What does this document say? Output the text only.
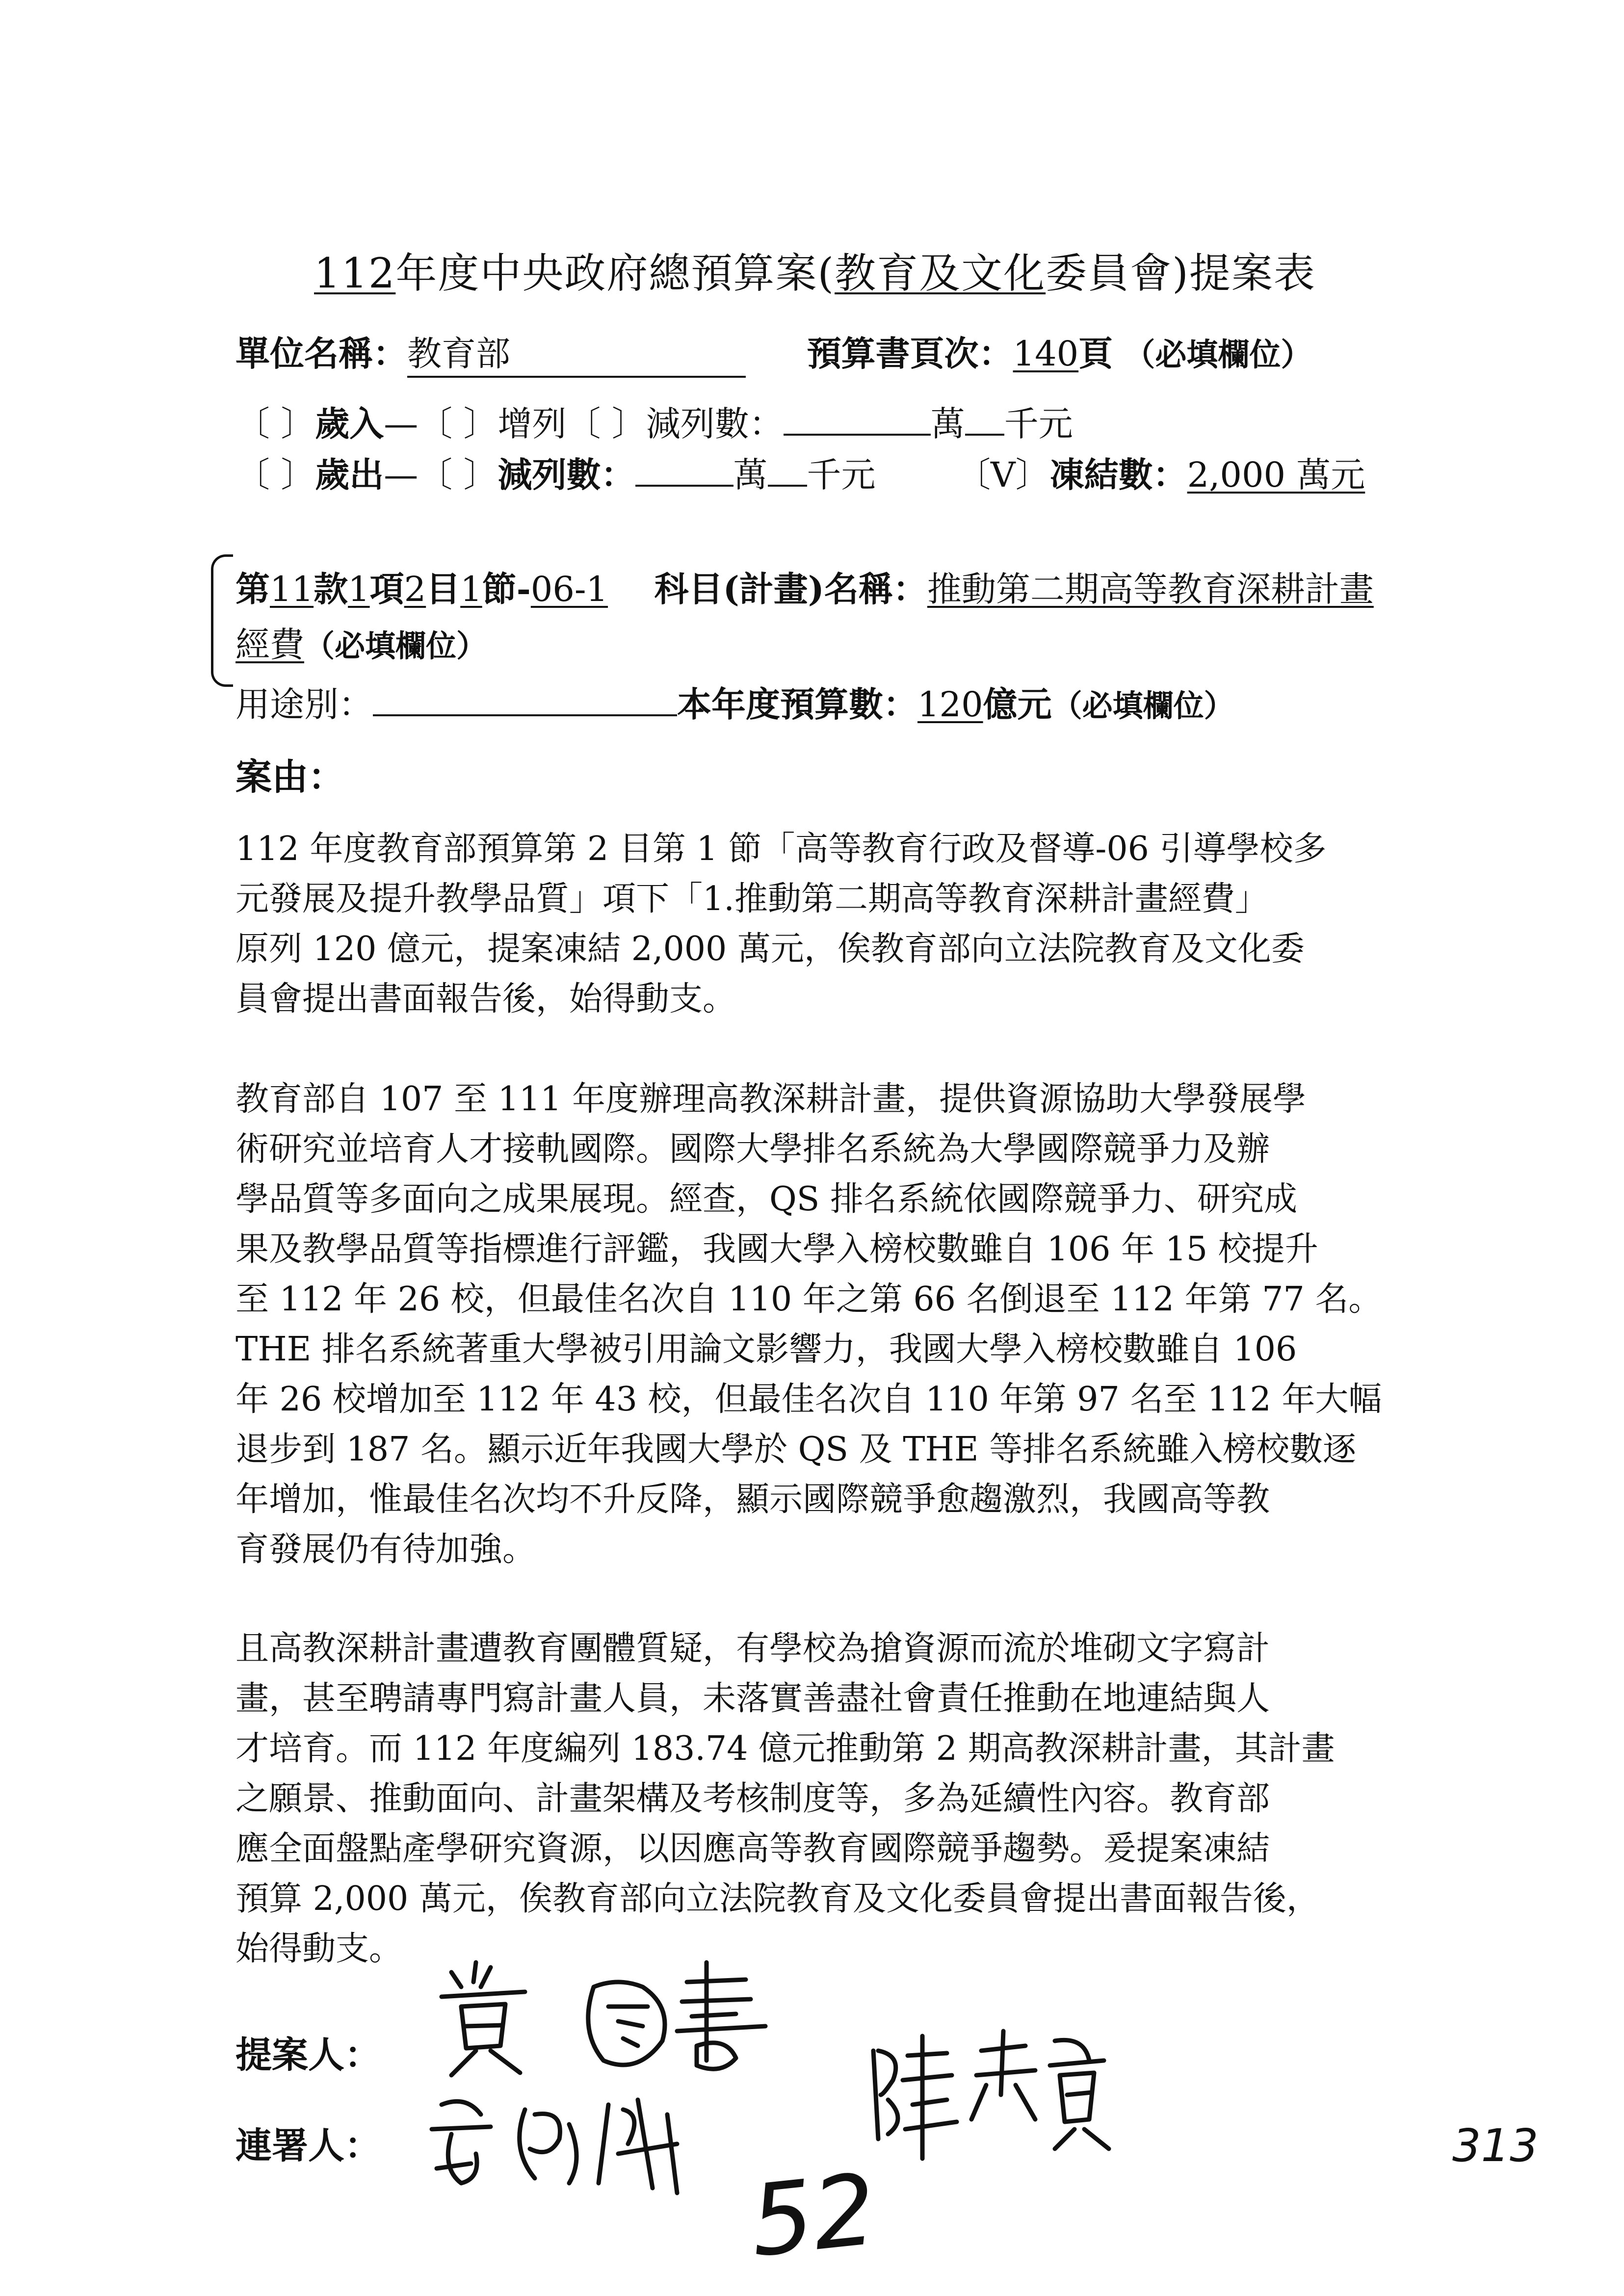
112年度中央政府總預算案(教育及文化委員會)提案表
單位名稱：教育部	預算書頁次：140頁 （必填欄位）
〔 〕歲入—〔 〕增列〔 〕減列數：	萬 千元
〔 〕歲出—〔 〕減列數：	萬 千元 〔V〕凍結數：2,000 萬元
第11款1項2目1節-06-1 科目(計畫)名稱：推動第二期高等教育深耕計畫
經費（必填欄位）
用途別：	本年度預算數：120億元（必填欄位）
案由：
112 年度教育部預算第 2 目第 1 節「高等教育行政及督導-06 引導學校多
元發展及提升教學品質」項下「1.推動第二期高等教育深耕計畫經費」
原列 120 億元，提案凍結 2,000 萬元，俟教育部向立法院教育及文化委
員會提出書面報告後，始得動支。
教育部自 107 至 111 年度辦理高教深耕計畫，提供資源協助大學發展學
術研究並培育人才接軌國際。國際大學排名系統為大學國際競爭力及辦
學品質等多面向之成果展現。經查，QS 排名系統依國際競爭力、研究成
果及教學品質等指標進行評鑑，我國大學入榜校數雖自 106 年 15 校提升
至 112 年 26 校，但最佳名次自 110 年之第 66 名倒退至 112 年第 77 名。
THE 排名系統著重大學被引用論文影響力，我國大學入榜校數雖自 106
年 26 校增加至 112 年 43 校，但最佳名次自 110 年第 97 名至 112 年大幅
退步到 187 名。顯示近年我國大學於 QS 及 THE 等排名系統雖入榜校數逐
年增加，惟最佳名次均不升反降，顯示國際競爭愈趨激烈，我國高等教
育發展仍有待加強。
且高教深耕計畫遭教育團體質疑，有學校為搶資源而流於堆砌文字寫計
畫，甚至聘請專門寫計畫人員，未落實善盡社會責任推動在地連結與人
才培育。而 112 年度編列 183.74 億元推動第 2 期高教深耕計畫，其計畫
之願景、推動面向、計畫架構及考核制度等，多為延續性內容。教育部
應全面盤點產學研究資源，以因應高等教育國際競爭趨勢。爰提案凍結
預算 2,000 萬元，俟教育部向立法院教育及文化委員會提出書面報告後，
始得動支。
提案人：
連署人：
52
313
